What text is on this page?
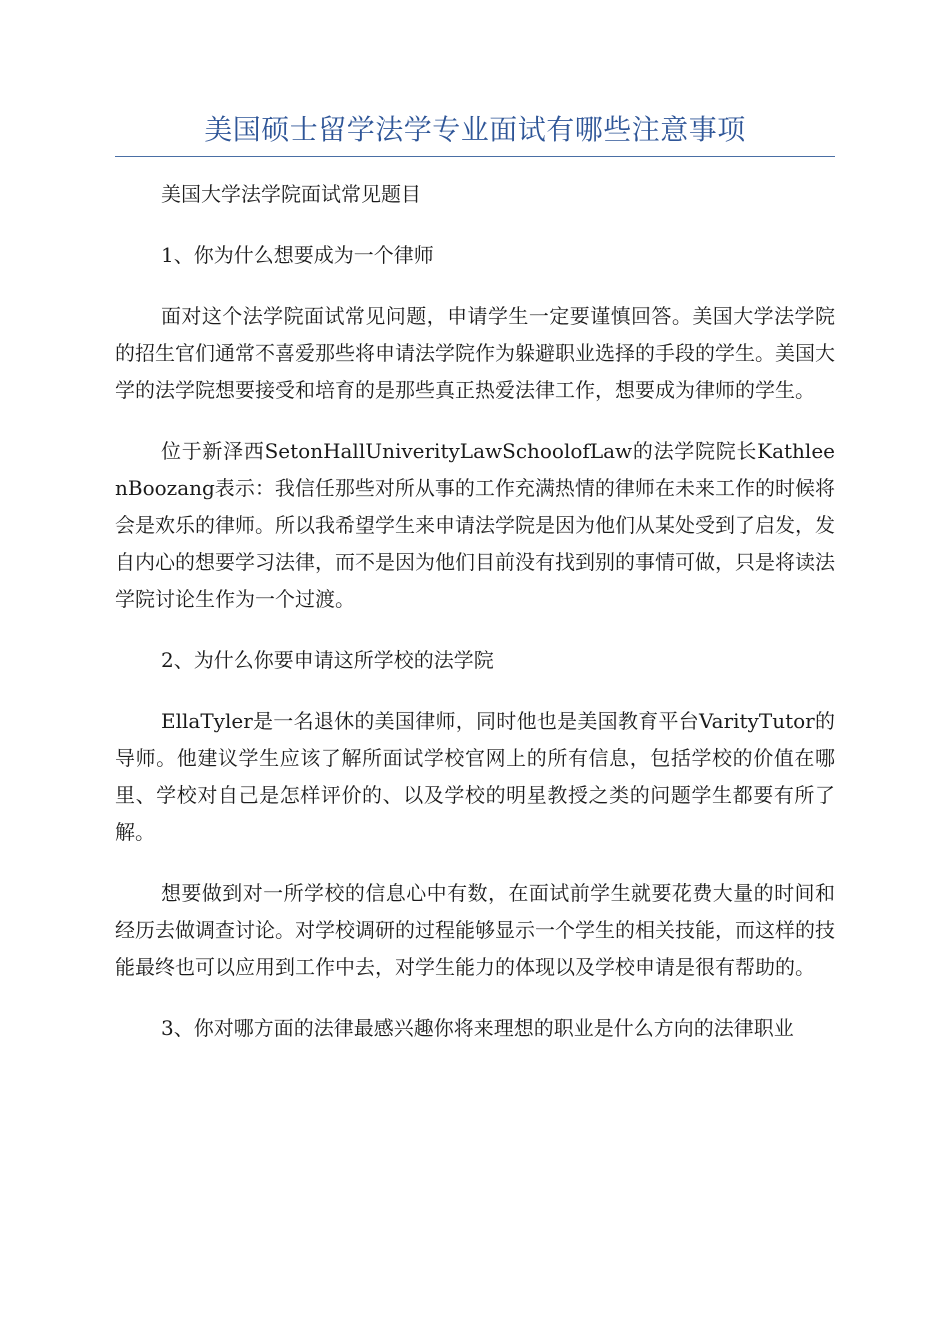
美国硕士留学法学专业面试有哪些注意事项

美国大学法学院面试常见题目

1、你为什么想要成为一个律师

面对这个法学院面试常见问题，申请学生一定要谨慎回答。美国大学法学院的招生官们通常不喜爱那些将申请法学院作为躲避职业选择的手段的学生。美国大学的法学院想要接受和培育的是那些真正热爱法律工作，想要成为律师的学生。

位于新泽西SetonHallUniverityLawSchoolofLaw的法学院院长KathleenBoozang表示：我信任那些对所从事的工作充满热情的律师在未来工作的时候将会是欢乐的律师。所以我希望学生来申请法学院是因为他们从某处受到了启发，发自内心的想要学习法律，而不是因为他们目前没有找到别的事情可做，只是将读法学院讨论生作为一个过渡。

2、为什么你要申请这所学校的法学院

EllaTyler是一名退休的美国律师，同时他也是美国教育平台VarityTutor的导师。他建议学生应该了解所面试学校官网上的所有信息，包括学校的价值在哪里、学校对自己是怎样评价的、以及学校的明星教授之类的问题学生都要有所了解。

想要做到对一所学校的信息心中有数，在面试前学生就要花费大量的时间和经历去做调查讨论。对学校调研的过程能够显示一个学生的相关技能，而这样的技能最终也可以应用到工作中去，对学生能力的体现以及学校申请是很有帮助的。

3、你对哪方面的法律最感兴趣你将来理想的职业是什么方向的法律职业
